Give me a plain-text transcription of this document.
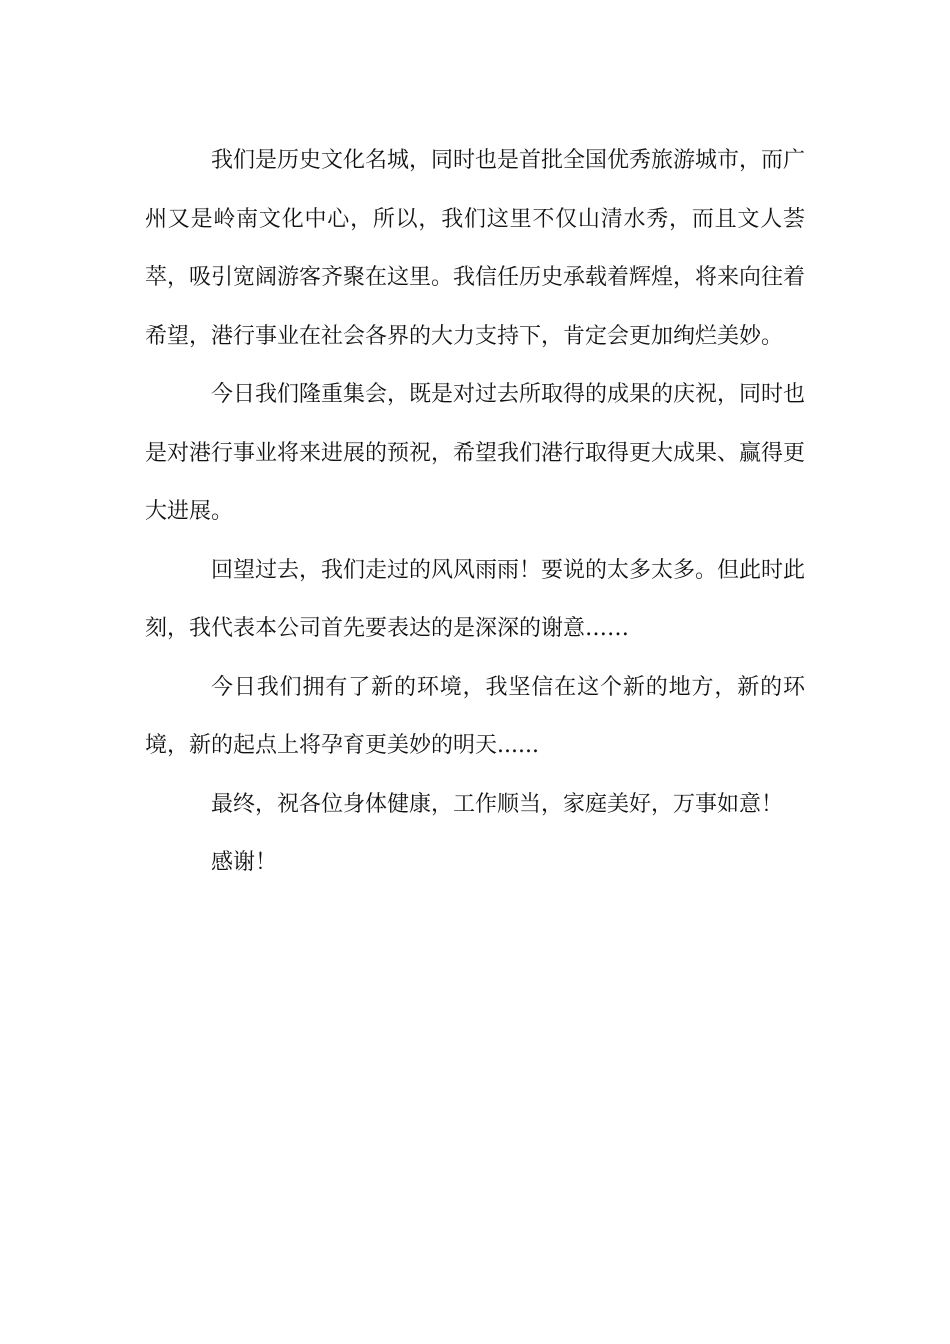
我们是历史文化名城，同时也是首批全国优秀旅游城市，而广州又是岭南文化中心，所以，我们这里不仅山清水秀，而且文人荟萃，吸引宽阔游客齐聚在这里。我信任历史承载着辉煌，将来向往着希望，港行事业在社会各界的大力支持下，肯定会更加绚烂美妙。

今日我们隆重集会，既是对过去所取得的成果的庆祝，同时也是对港行事业将来进展的预祝，希望我们港行取得更大成果、赢得更大进展。

回望过去，我们走过的风风雨雨！要说的太多太多。但此时此刻，我代表本公司首先要表达的是深深的谢意……

今日我们拥有了新的环境，我坚信在这个新的地方，新的环境，新的起点上将孕育更美妙的明天......

最终，祝各位身体健康，工作顺当，家庭美好，万事如意！

感谢！
